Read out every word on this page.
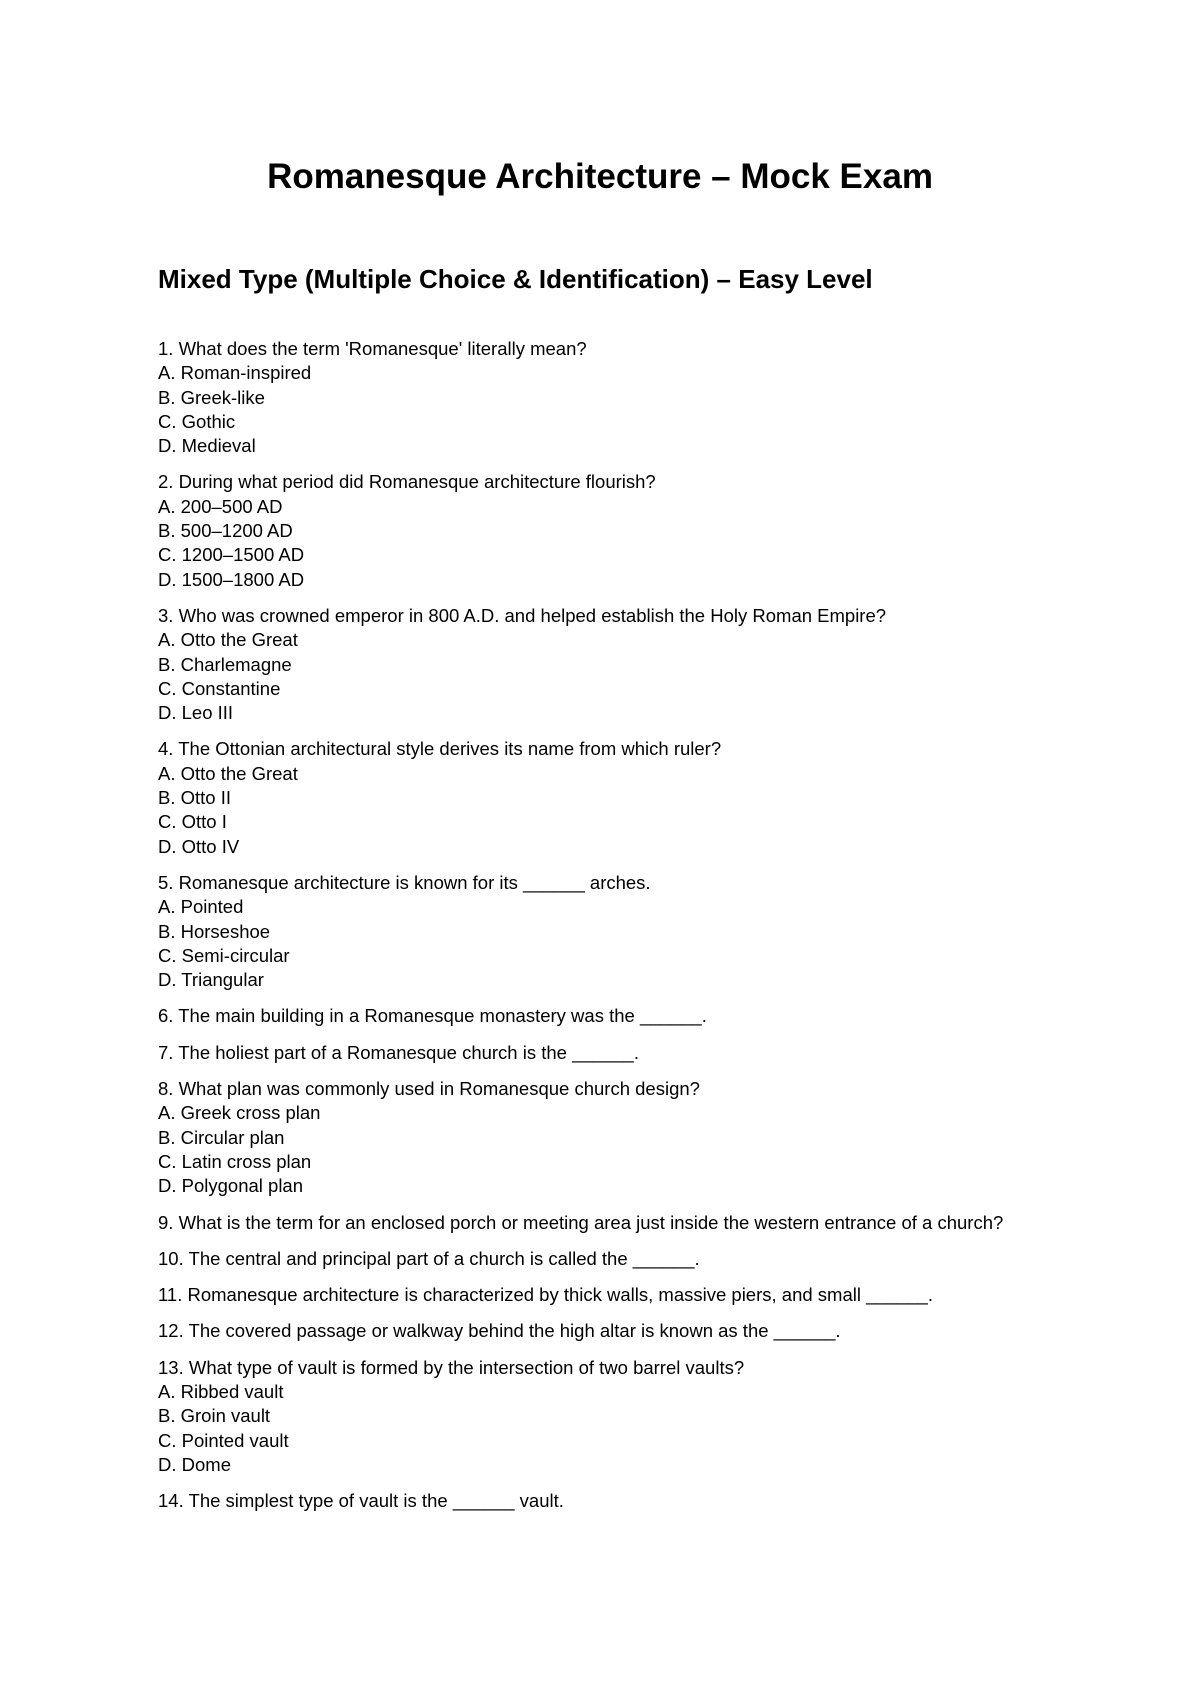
Romanesque Architecture – Mock Exam
Mixed Type (Multiple Choice & Identification) – Easy Level
1. What does the term 'Romanesque' literally mean?
A. Roman-inspired
B. Greek-like
C. Gothic
D. Medieval
2. During what period did Romanesque architecture flourish?
A. 200–500 AD
B. 500–1200 AD
C. 1200–1500 AD
D. 1500–1800 AD
3. Who was crowned emperor in 800 A.D. and helped establish the Holy Roman Empire?
A. Otto the Great
B. Charlemagne
C. Constantine
D. Leo III
4. The Ottonian architectural style derives its name from which ruler?
A. Otto the Great
B. Otto II
C. Otto I
D. Otto IV
5. Romanesque architecture is known for its ______ arches.
A. Pointed
B. Horseshoe
C. Semi-circular
D. Triangular
6. The main building in a Romanesque monastery was the ______.
7. The holiest part of a Romanesque church is the ______.
8. What plan was commonly used in Romanesque church design?
A. Greek cross plan
B. Circular plan
C. Latin cross plan
D. Polygonal plan
9. What is the term for an enclosed porch or meeting area just inside the western entrance of a church?
10. The central and principal part of a church is called the ______.
11. Romanesque architecture is characterized by thick walls, massive piers, and small ______.
12. The covered passage or walkway behind the high altar is known as the ______.
13. What type of vault is formed by the intersection of two barrel vaults?
A. Ribbed vault
B. Groin vault
C. Pointed vault
D. Dome
14. The simplest type of vault is the ______ vault.
